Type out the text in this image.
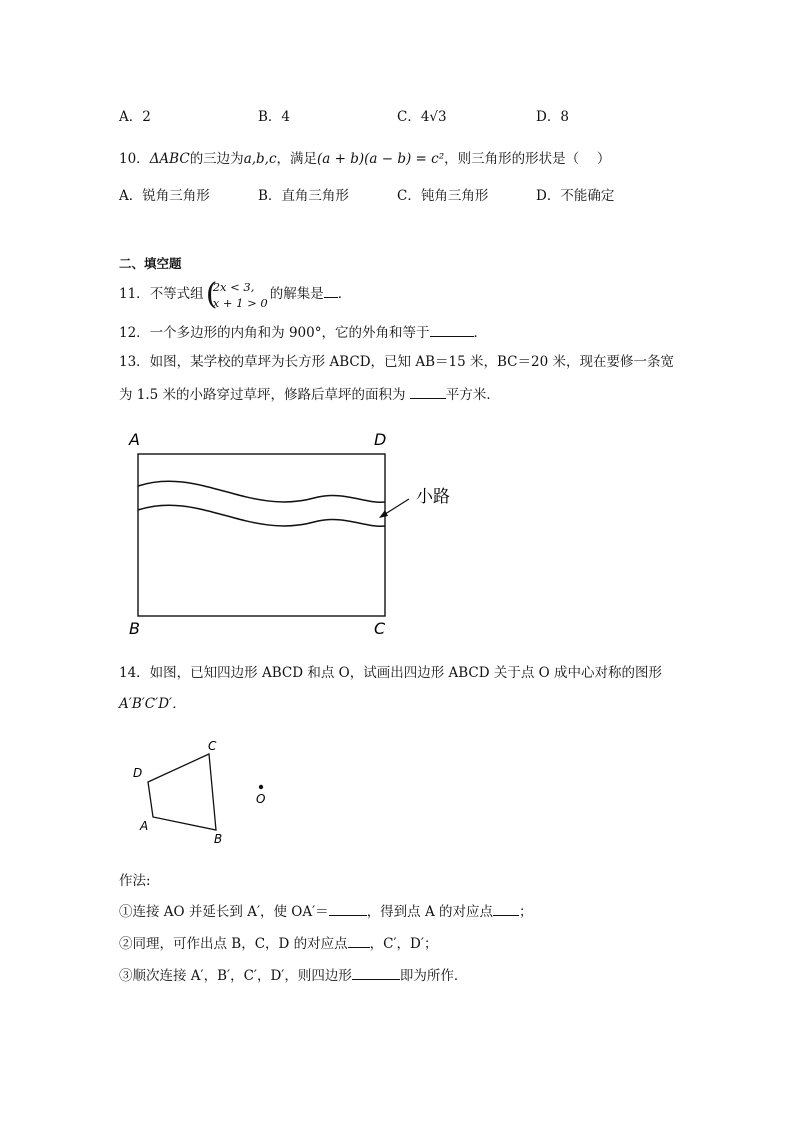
A．2	B．4	C．4√3	D．8
10．ΔABC的三边为a,b,c，满足(a + b)(a − b) = c²，则三角形的形状是（　 ）
A．锐角三角形	B．直角三角形	C．钝角三角形	D．不能确定
二、填空题
11．不等式组 (
2x < 3,
x + 1 > 0
的解集是 ．
12．一个多边形的内角和为 900°，它的外角和等于	．
13．如图，某学校的草坪为长方形 ABCD，已知 AB＝15 米，BC＝20 米，现在要修一条宽
为 1.5 米的小路穿过草坪，修路后草坪的面积为	平方米．
A	D
B	C
小路
14．如图，已知四边形 ABCD 和点 O，试画出四边形 ABCD 关于点 O 成中心对称的图形
A′B′C′D′．
C
D
A
B
O
作法:
①连接 AO 并延长到 A′，使 OA′＝	，得到点 A 的对应点 ；
②同理，可作出点 B，C，D 的对应点 ，C′，D′；
③顺次连接 A′，B′，C′，D′，则四边形	即为所作．
